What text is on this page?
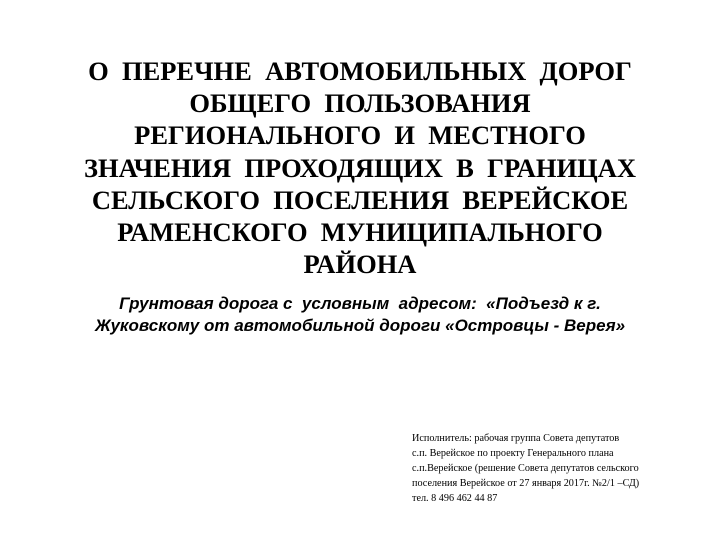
О  ПЕРЕЧНЕ  АВТОМОБИЛЬНЫХ  ДОРОГ
ОБЩЕГО  ПОЛЬЗОВАНИЯ
РЕГИОНАЛЬНОГО  И  МЕСТНОГО
ЗНАЧЕНИЯ  ПРОХОДЯЩИХ  В  ГРАНИЦАХ
СЕЛЬСКОГО  ПОСЕЛЕНИЯ  ВЕРЕЙСКОЕ
РАМЕНСКОГО  МУНИЦИПАЛЬНОГО
РАЙОНА

Грунтовая дорога с  условным  адресом:  «Подъезд к г.
Жуковскому от автомобильной дороги «Островцы - Верея»

Исполнитель: рабочая группа Совета депутатов
с.п. Верейское по проекту Генерального плана
с.п.Верейское (решение Совета депутатов сельского
поселения Верейское от 27 января 2017г. №2/1 –СД)
тел. 8 496 462 44 87
